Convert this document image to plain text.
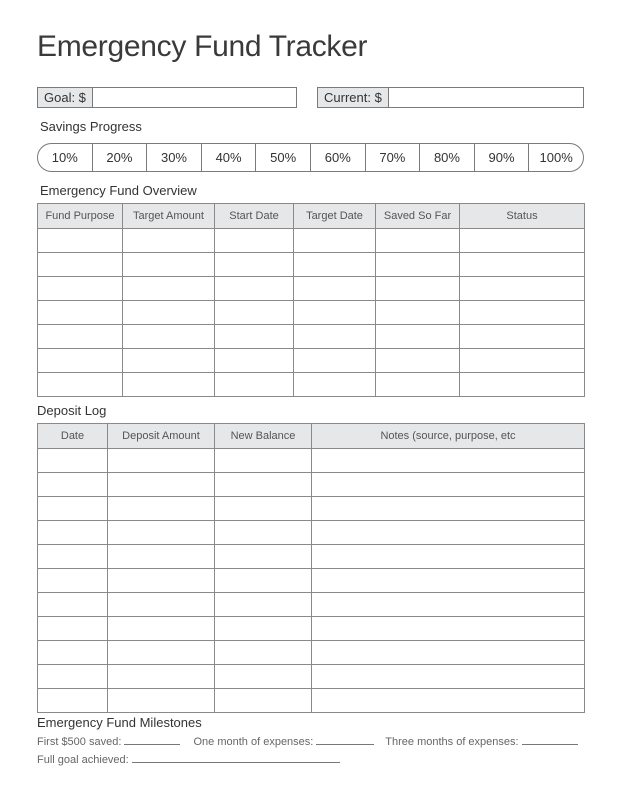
Emergency Fund Tracker
Goal: $	Current: $
Savings Progress
10%	20%	30%	40%	50%	60%	70%	80%	90%	100%
Emergency Fund Overview
Fund Purpose	Target Amount	Start Date	Target Date	Saved So Far	Status

Deposit Log
Date	Deposit Amount	New Balance	Notes (source, purpose, etc

Emergency Fund Milestones
First $500 saved:	One month of expenses:	Three months of expenses:
Full goal achieved:
